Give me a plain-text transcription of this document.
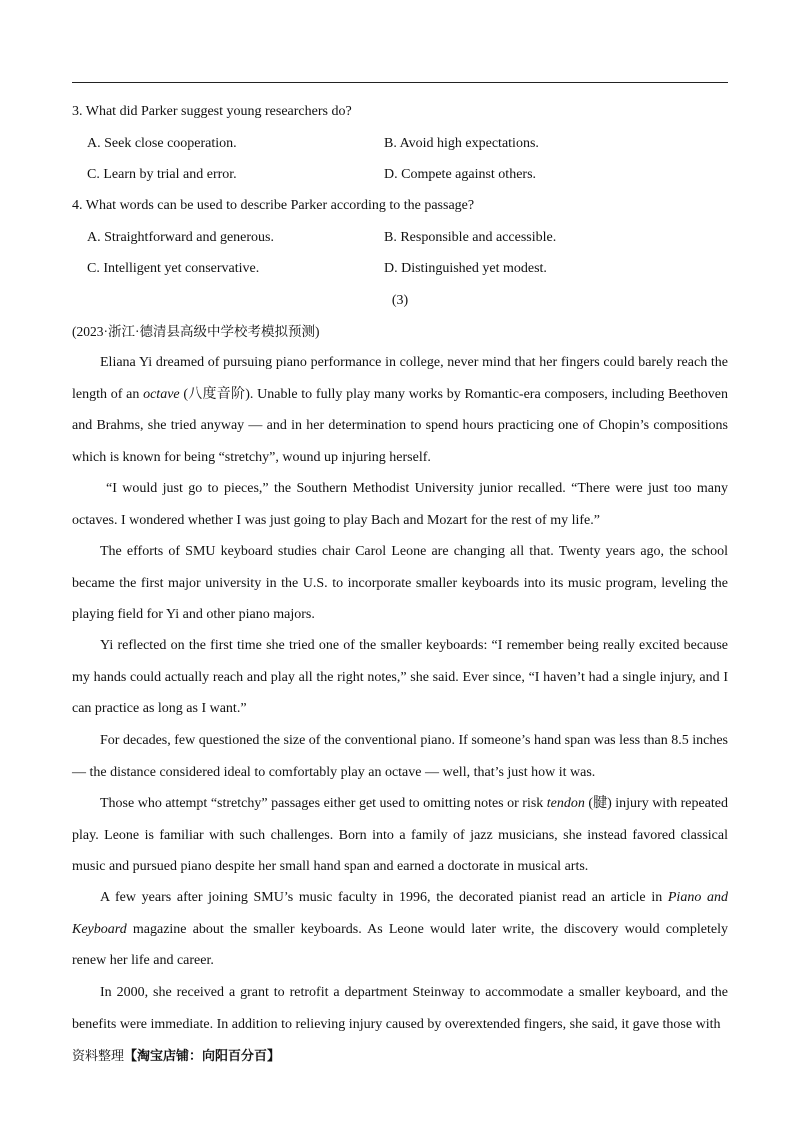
3. What did Parker suggest young researchers do?
A. Seek close cooperation.	B. Avoid high expectations.
C. Learn by trial and error.	D. Compete against others.
4. What words can be used to describe Parker according to the passage?
A. Straightforward and generous.	B. Responsible and accessible.
C. Intelligent yet conservative.	D. Distinguished yet modest.
(3)
(2023·浙江·德清县高级中学校考模拟预测)

Eliana Yi dreamed of pursuing piano performance in college, never mind that her fingers could barely reach the length of an octave (八度音阶). Unable to fully play many works by Romantic-era composers, including Beethoven and Brahms, she tried anyway — and in her determination to spend hours practicing one of Chopin’s compositions which is known for being “stretchy”, wound up injuring herself.

“I would just go to pieces,” the Southern Methodist University junior recalled. “There were just too many octaves. I wondered whether I was just going to play Bach and Mozart for the rest of my life.”

The efforts of SMU keyboard studies chair Carol Leone are changing all that. Twenty years ago, the school became the first major university in the U.S. to incorporate smaller keyboards into its music program, leveling the playing field for Yi and other piano majors.

Yi reflected on the first time she tried one of the smaller keyboards: “I remember being really excited because my hands could actually reach and play all the right notes,” she said. Ever since, “I haven’t had a single injury, and I can practice as long as I want.”

For decades, few questioned the size of the conventional piano. If someone’s hand span was less than 8.5 inches — the distance considered ideal to comfortably play an octave — well, that’s just how it was.

Those who attempt “stretchy” passages either get used to omitting notes or risk tendon (腱) injury with repeated play. Leone is familiar with such challenges. Born into a family of jazz musicians, she instead favored classical music and pursued piano despite her small hand span and earned a doctorate in musical arts.

A few years after joining SMU’s music faculty in 1996, the decorated pianist read an article in Piano and Keyboard magazine about the smaller keyboards. As Leone would later write, the discovery would completely renew her life and career.

In 2000, she received a grant to retrofit a department Steinway to accommodate a smaller keyboard, and the benefits were immediate. In addition to relieving injury caused by overextended fingers, she said, it gave those with

资料整理【淘宝店铺：向阳百分百】
